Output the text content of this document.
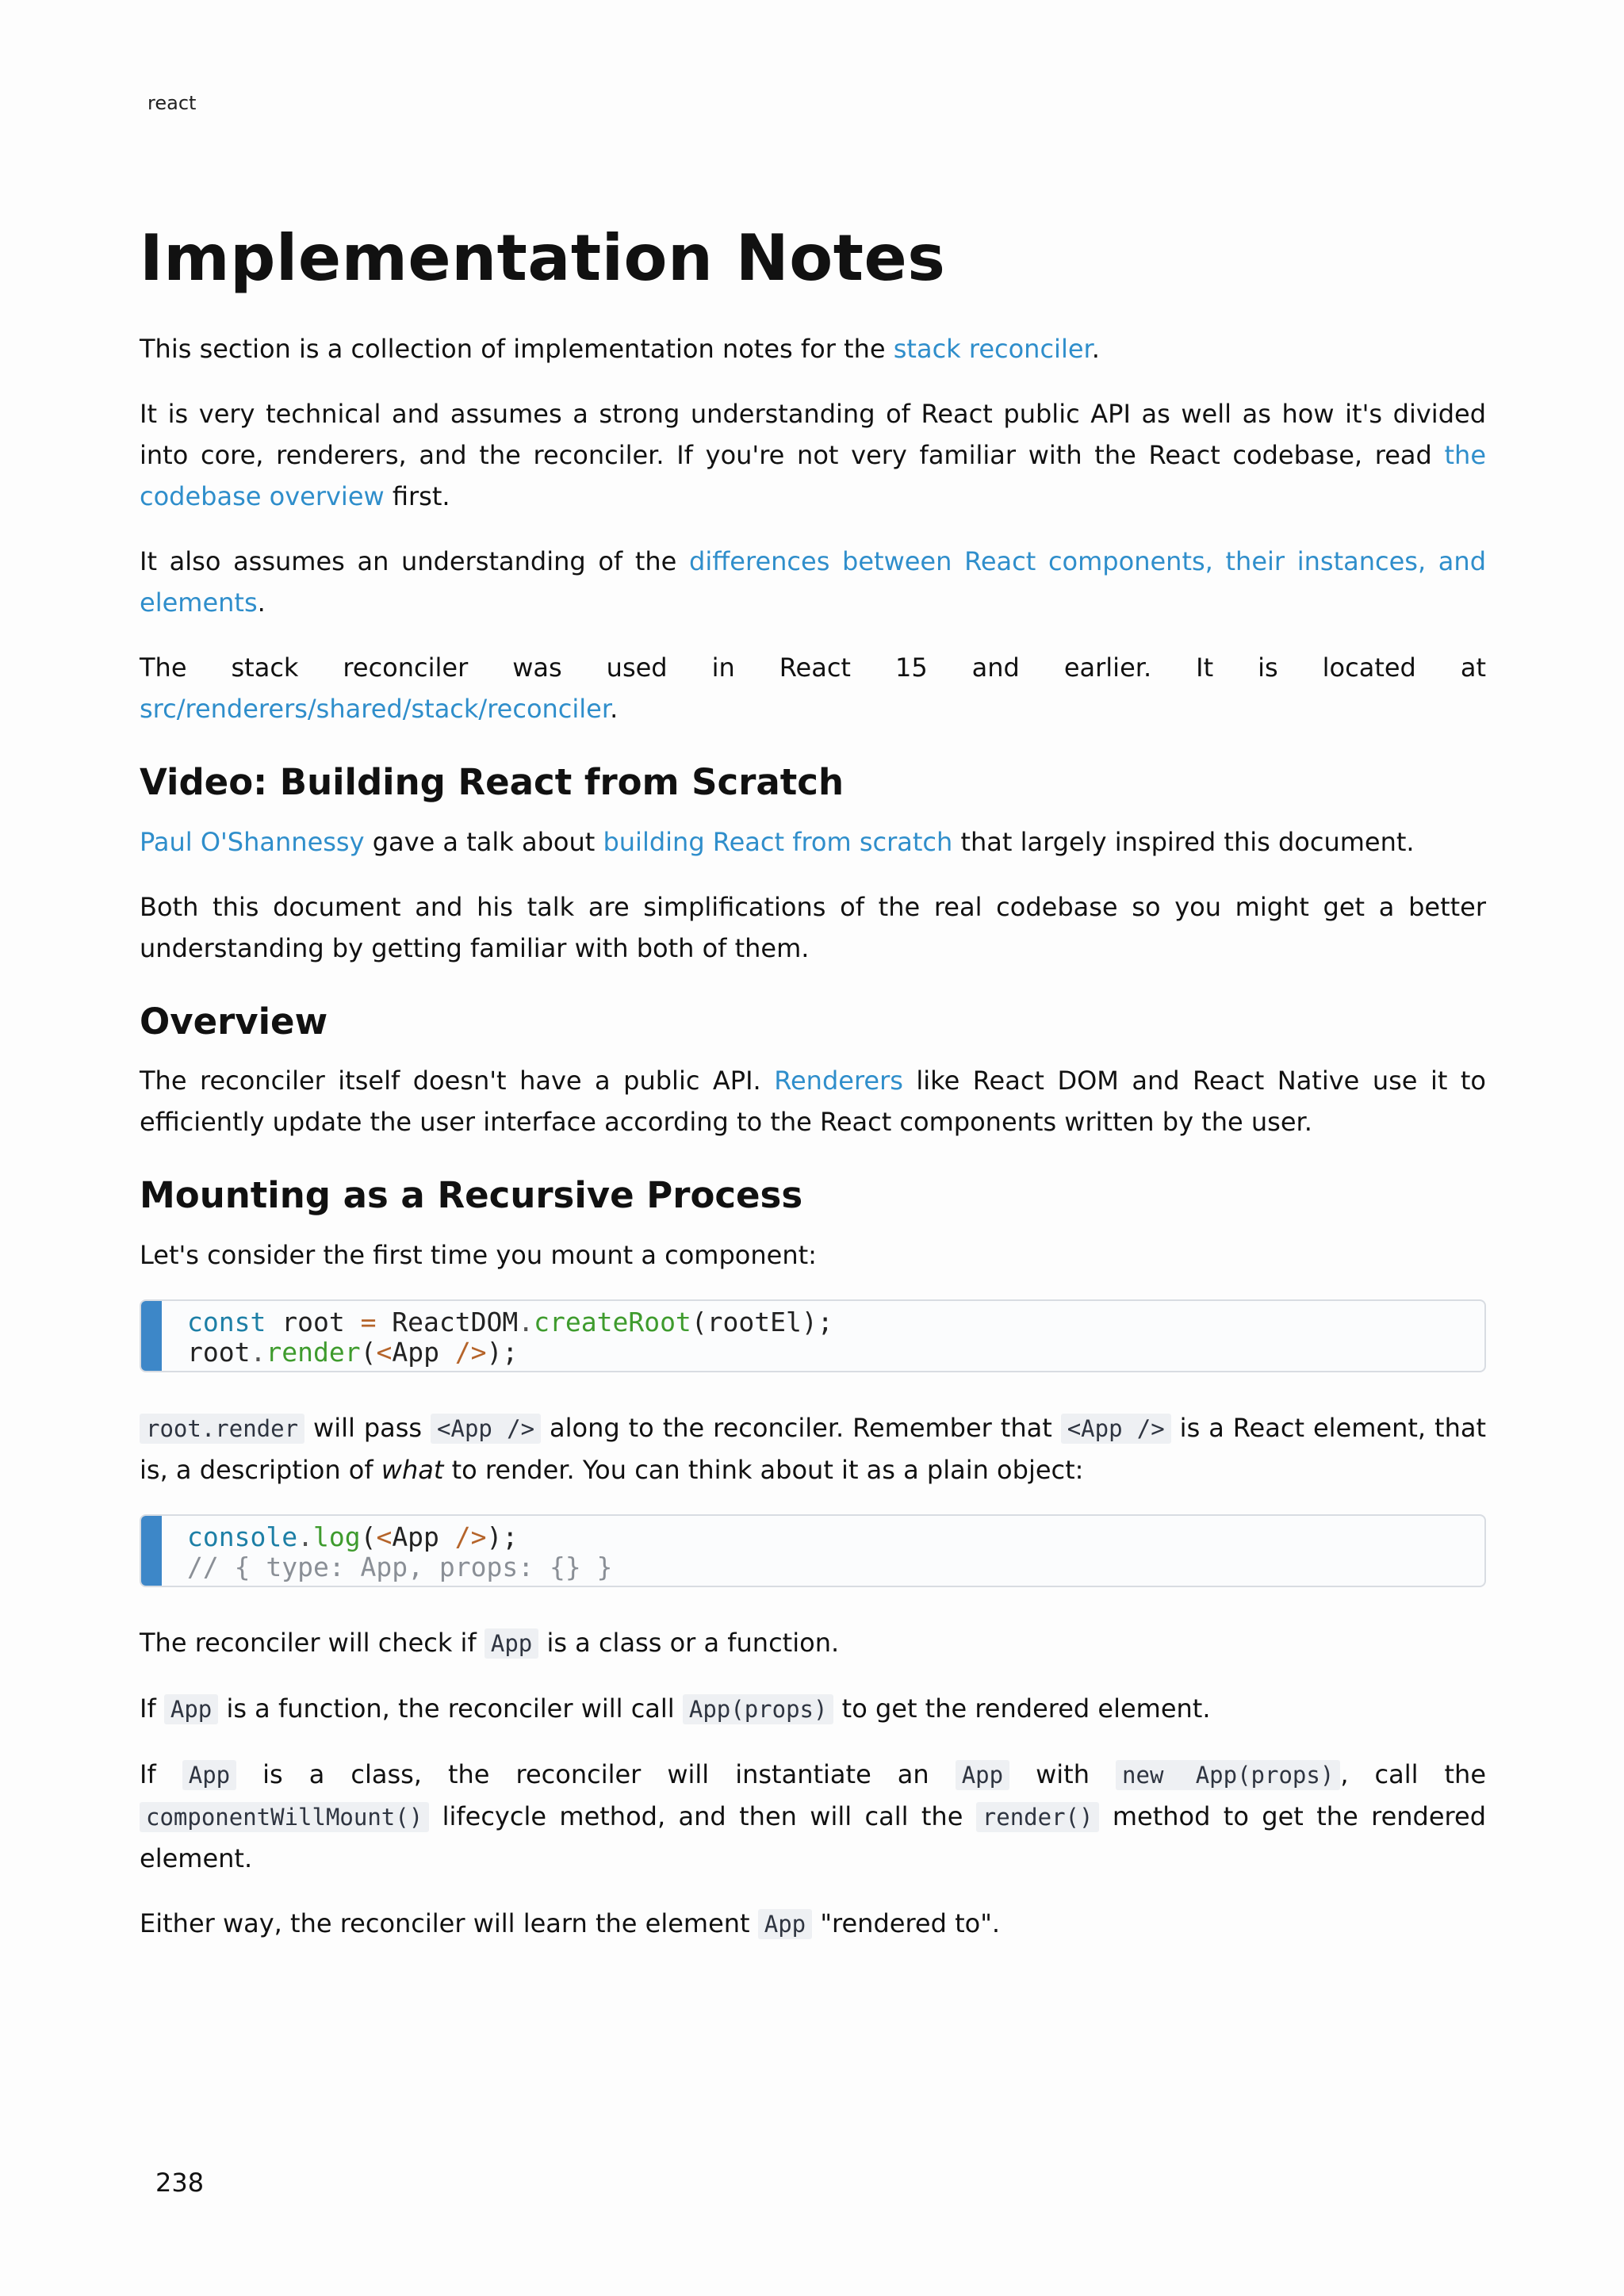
react
Implementation Notes

This section is a collection of implementation notes for the stack reconciler.

It is very technical and assumes a strong understanding of React public API as well as how it's divided into core, renderers, and the reconciler. If you're not very familiar with the React codebase, read the codebase overview first.

It also assumes an understanding of the differences between React components, their instances, and elements.

The stack reconciler was used in React 15 and earlier. It is located at src/renderers/shared/stack/reconciler.

Video: Building React from Scratch

Paul O'Shannessy gave a talk about building React from scratch that largely inspired this document.

Both this document and his talk are simplifications of the real codebase so you might get a better understanding by getting familiar with both of them.

Overview

The reconciler itself doesn't have a public API. Renderers like React DOM and React Native use it to efficiently update the user interface according to the React components written by the user.

Mounting as a Recursive Process

Let's consider the first time you mount a component:

const root = ReactDOM.createRoot(rootEl);
root.render(<App />);

root.render will pass <App /> along to the reconciler. Remember that <App /> is a React element, that is, a description of what to render. You can think about it as a plain object:

console.log(<App />);
// { type: App, props: {} }

The reconciler will check if App is a class or a function.

If App is a function, the reconciler will call App(props) to get the rendered element.

If App is a class, the reconciler will instantiate an App with new App(props) , call the componentWillMount() lifecycle method, and then will call the render() method to get the rendered element.

Either way, the reconciler will learn the element App "rendered to".

238
